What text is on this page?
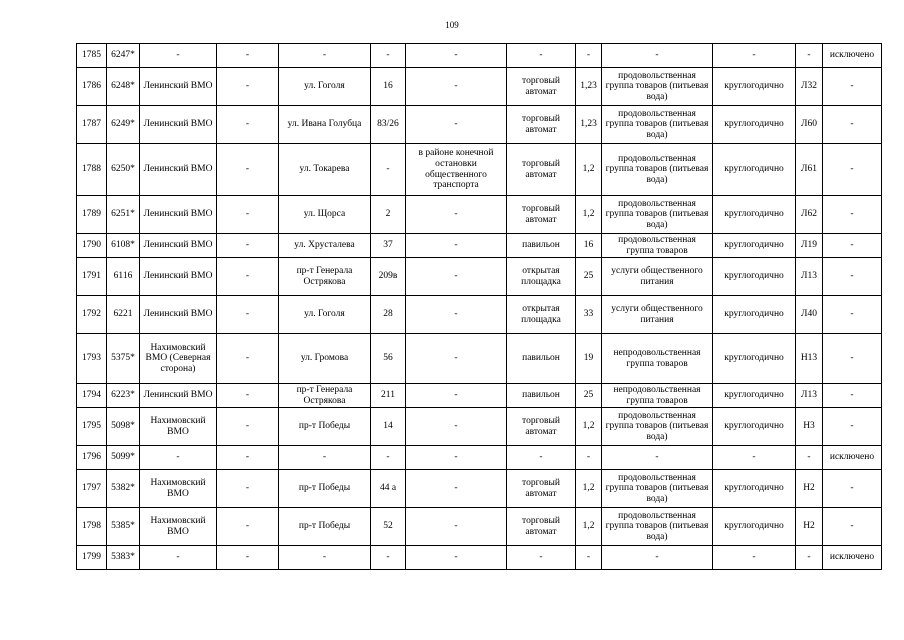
109
1785	6247*	-	-	-	-	-	-	-	-	-	-	исключено
1786	6248*	Ленинский ВМО	-	ул. Гоголя	16	-	торговый автомат	1,23	продовольственная группа товаров (питьевая вода)	круглогодично	Л32	-
1787	6249*	Ленинский ВМО	-	ул. Ивана Голубца	83/26	-	торговый автомат	1,23	продовольственная группа товаров (питьевая вода)	круглогодично	Л60	-
1788	6250*	Ленинский ВМО	-	ул. Токарева	-	в районе конечной остановки общественного транспорта	торговый автомат	1,2	продовольственная группа товаров (питьевая вода)	круглогодично	Л61	-
1789	6251*	Ленинский ВМО	-	ул. Щорса	2	-	торговый автомат	1,2	продовольственная группа товаров (питьевая вода)	круглогодично	Л62	-
1790	6108*	Ленинский ВМО	-	ул. Хрусталева	37	-	павильон	16	продовольственная группа товаров	круглогодично	Л19	-
1791	6116	Ленинский ВМО	-	пр-т Генерала Острякова	209в	-	открытая площадка	25	услуги общественного питания	круглогодично	Л13	-
1792	6221	Ленинский ВМО	-	ул. Гоголя	28	-	открытая площадка	33	услуги общественного питания	круглогодично	Л40	-
1793	5375*	Нахимовский ВМО (Северная сторона)	-	ул. Громова	56	-	павильон	19	непродовольственная группа товаров	круглогодично	Н13	-
1794	6223*	Ленинский ВМО	-	пр-т Генерала Острякова	211	-	павильон	25	непродовольственная группа товаров	круглогодично	Л13	-
1795	5098*	Нахимовский ВМО	-	пр-т Победы	14	-	торговый автомат	1,2	продовольственная группа товаров (питьевая вода)	круглогодично	Н3	-
1796	5099*	-	-	-	-	-	-	-	-	-	-	исключено
1797	5382*	Нахимовский ВМО	-	пр-т Победы	44 а	-	торговый автомат	1,2	продовольственная группа товаров (питьевая вода)	круглогодично	Н2	-
1798	5385*	Нахимовский ВМО	-	пр-т Победы	52	-	торговый автомат	1,2	продовольственная группа товаров (питьевая вода)	круглогодично	Н2	-
1799	5383*	-	-	-	-	-	-	-	-	-	-	исключено
